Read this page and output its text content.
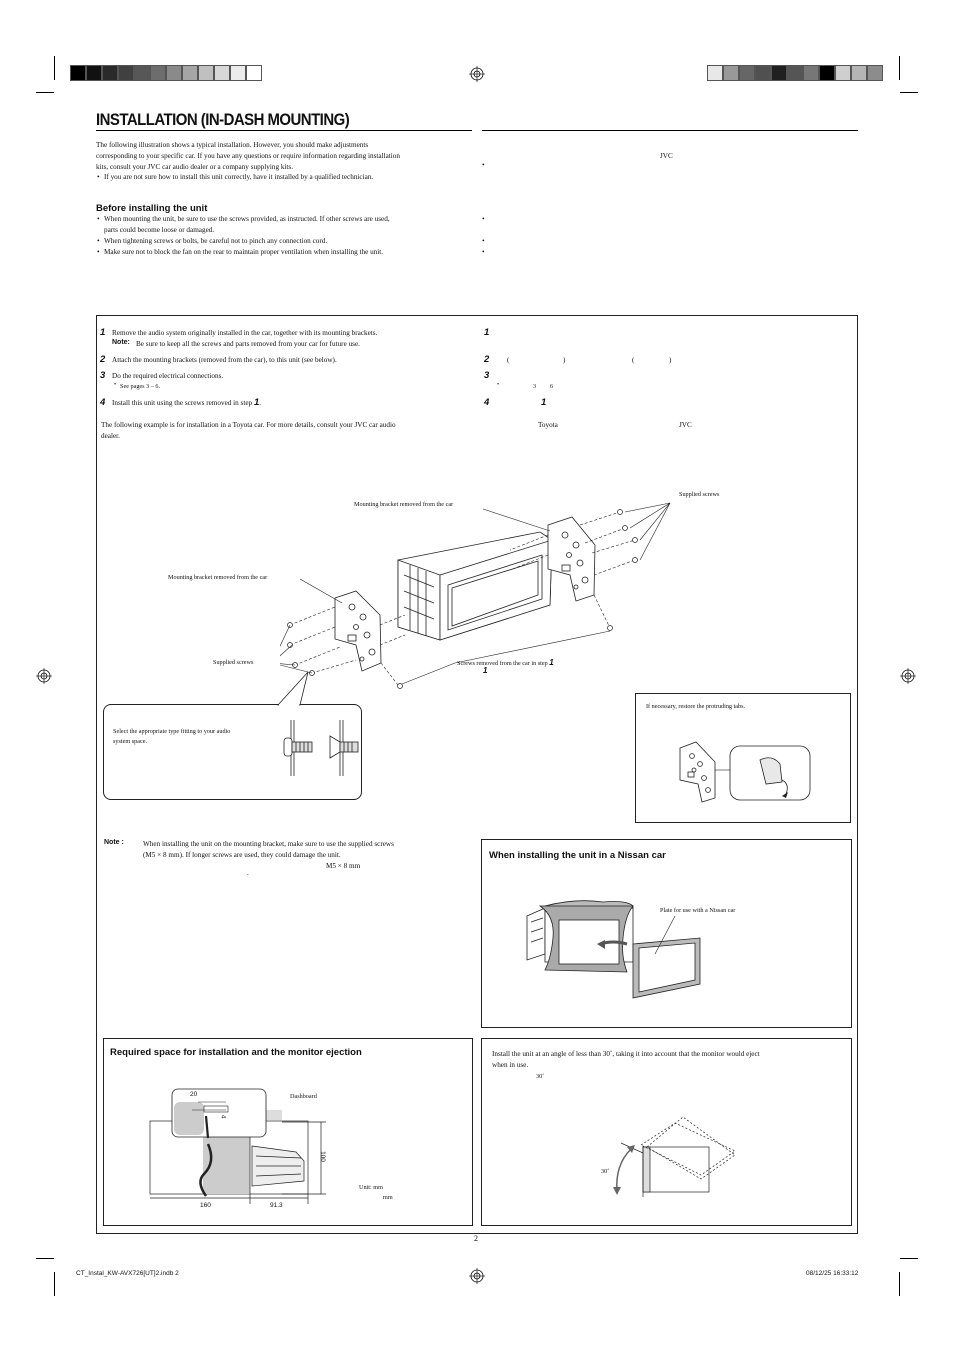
INSTALLATION (IN-DASH MOUNTING)
The following illustration shows a typical installation. However, you should make adjustments
corresponding to your specific car. If you have any questions or require information regarding installation
kits, consult your JVC car audio dealer or a company supplying kits.
• If you are not sure how to install this unit correctly, have it installed by a qualified technician.
JVC
•
Before installing the unit
• When mounting the unit, be sure to use the screws provided, as instructed. If other screws are used,
parts could become loose or damaged.
• When tightening screws or bolts, be careful not to pinch any connection cord.
• Make sure not to block the fan on the rear to maintain proper ventilation when installing the unit.
•
•
•
1 Remove the audio system originally installed in the car, together with its mounting brackets.
Note: Be sure to keep all the screws and parts removed from your car for future use.
2 Attach the mounting brackets (removed from the car), to this unit (see below).
3 Do the required electrical connections.
• See pages 3 – 6.
4 Install this unit using the screws removed in step 1.
1
2 (	)	(	)
3
•	3 6
4	1
The following example is for installation in a Toyota car. For more details, consult your JVC car audio
dealer.
Toyota	JVC
Mounting bracket removed from the car
Supplied screws
Mounting bracket removed from the car
Supplied screws	Screws removed from the car in step 1
1
Select the appropriate type fitting to your audio
system space.
If necessary, restore the protruding tabs.
Note :	When installing the unit on the mounting bracket, make sure to use the supplied screws
(M5 × 8 mm). If longer screws are used, they could damage the unit.
M5 × 8 mm
.
When installing the unit in a Nissan car
Plate for use with a Nissan car
Required space for installation and the monitor ejection
20
4
Dashboard
100
Unit: mm
mm
160	91.3
Install the unit at an angle of less than 30˚, taking it into account that the monitor would eject
when in use.
30˚
30˚
2
CT_Instal_KW-AVX726[UT]2.indb 2	08/12/25 16:33:12
